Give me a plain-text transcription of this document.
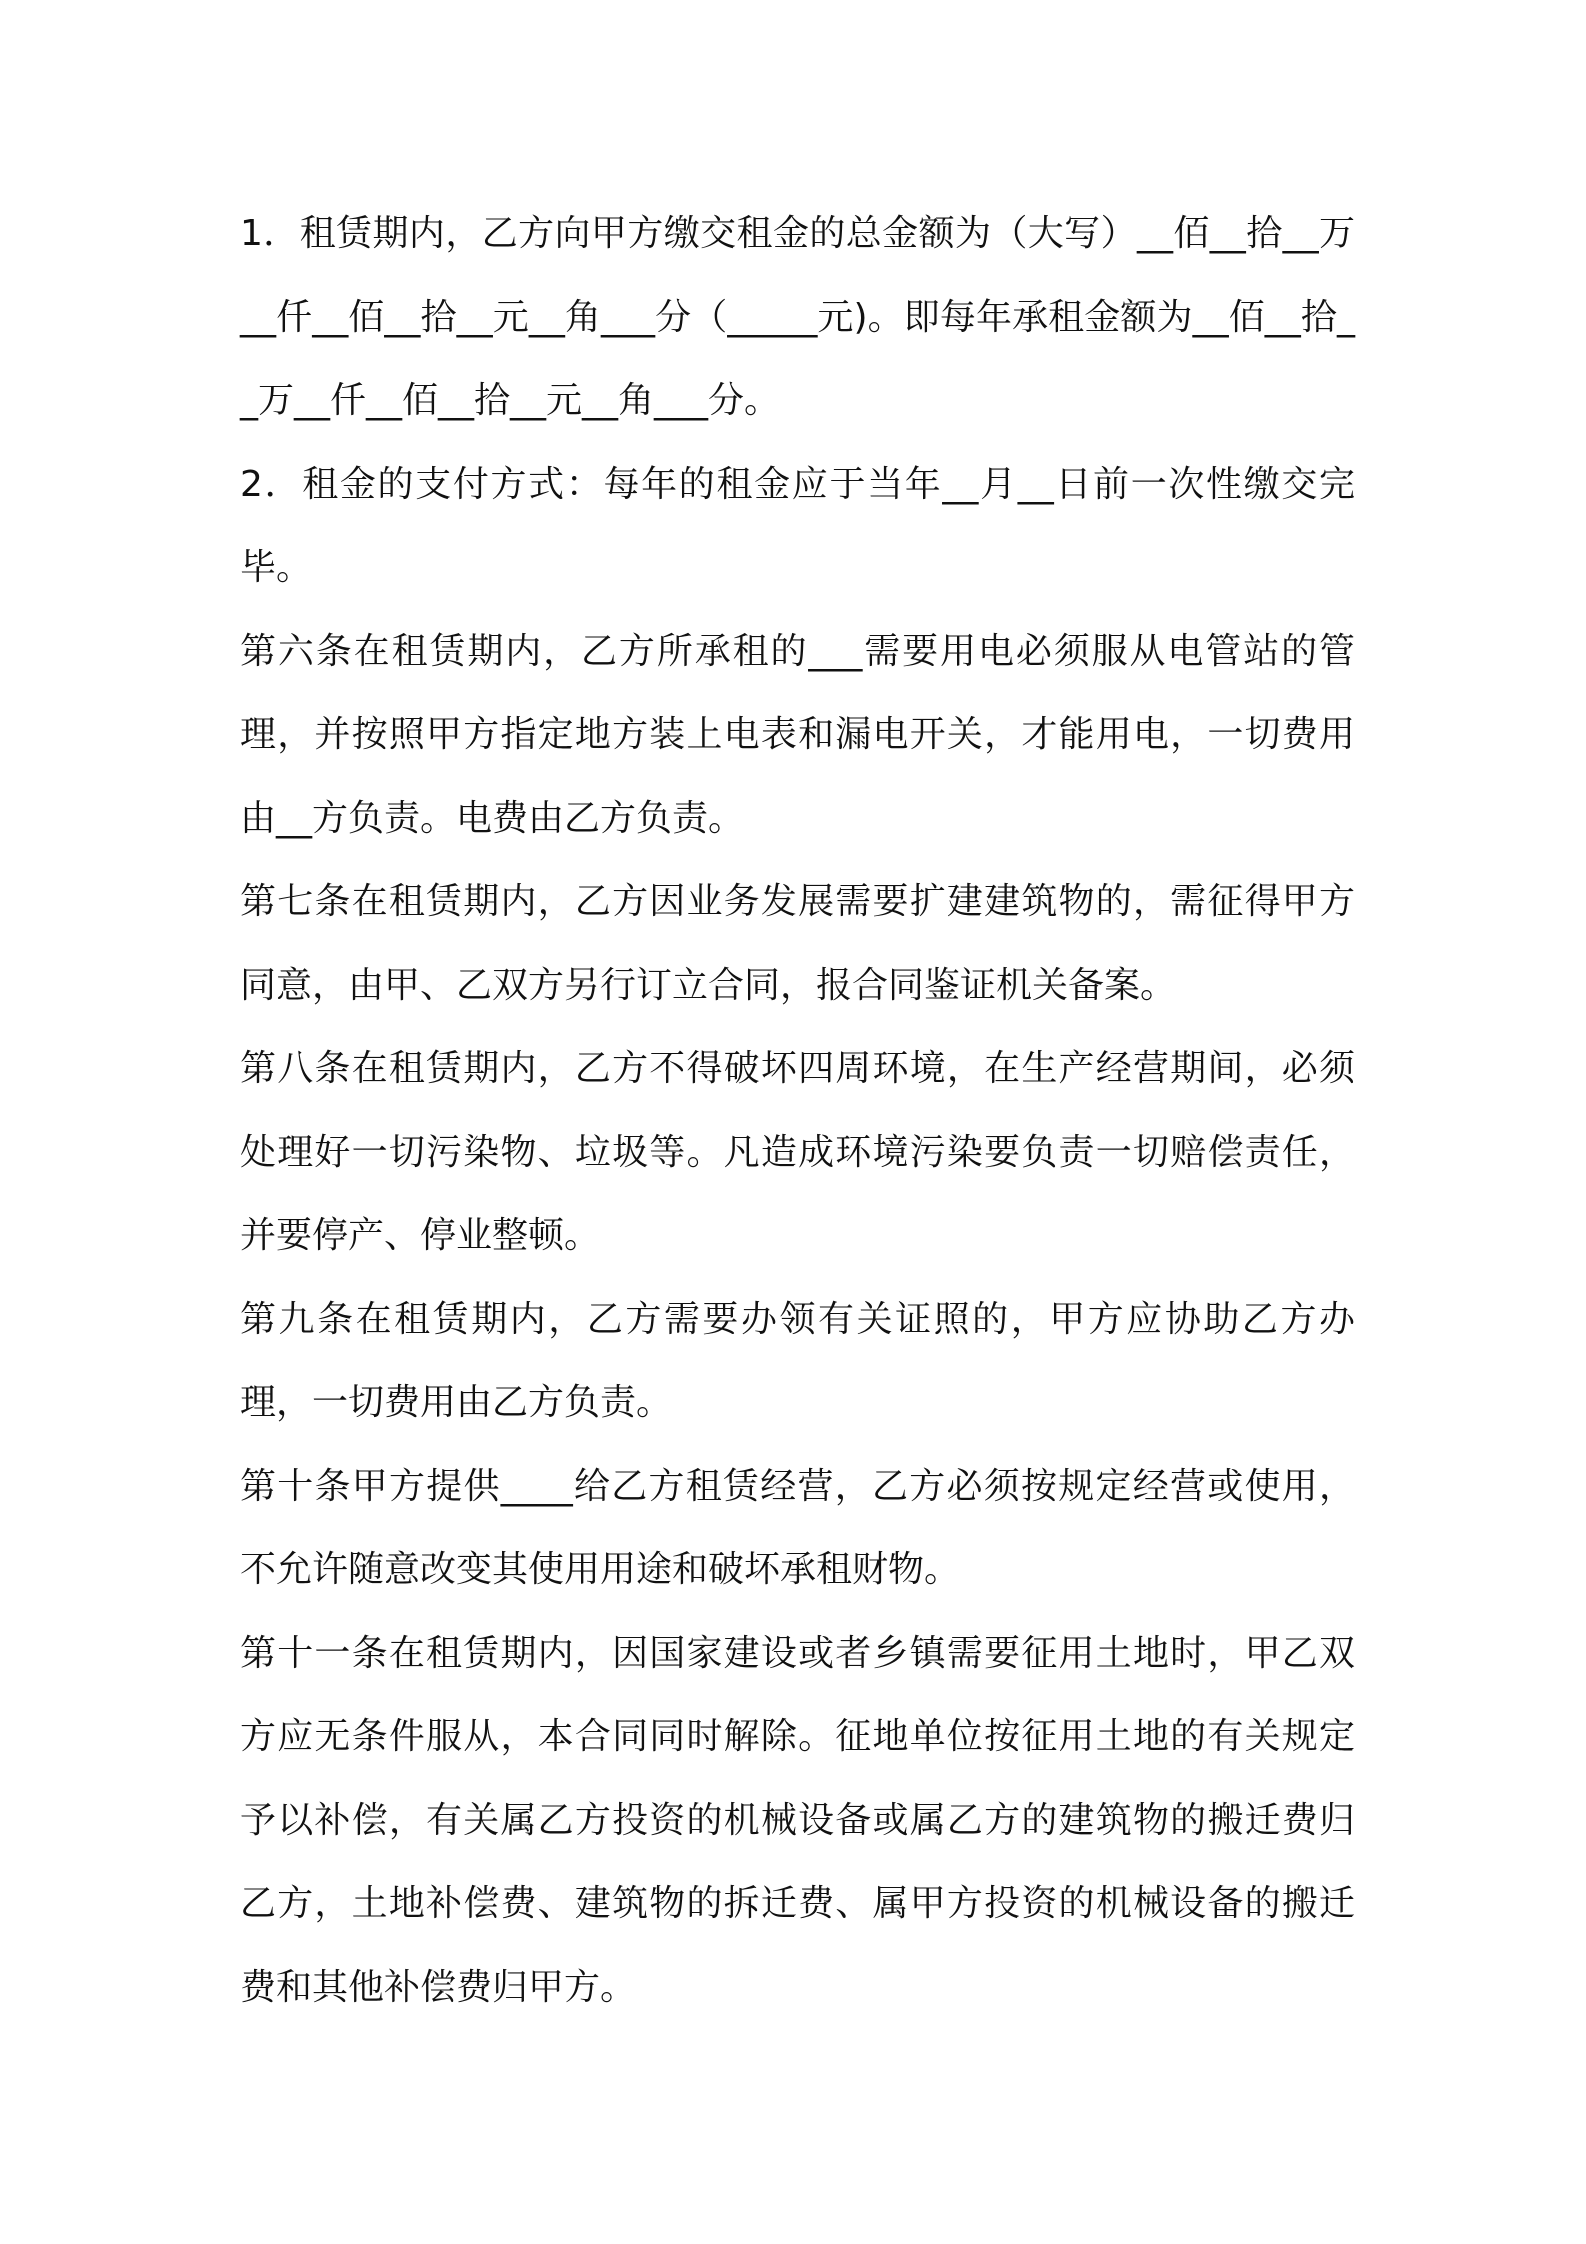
1．租赁期内，乙方向甲方缴交租金的总金额为（大写）__佰__拾__万__仟__佰__拾__元__角___分（_____元)。即每年承租金额为__佰__拾__万__仟__佰__拾__元__角___分。

2．租金的支付方式：每年的租金应于当年__月__日前一次性缴交完毕。

第六条在租赁期内，乙方所承租的___需要用电必须服从电管站的管理，并按照甲方指定地方装上电表和漏电开关，才能用电，一切费用由__方负责。电费由乙方负责。

第七条在租赁期内，乙方因业务发展需要扩建建筑物的，需征得甲方同意，由甲、乙双方另行订立合同，报合同鉴证机关备案。

第八条在租赁期内，乙方不得破坏四周环境，在生产经营期间，必须处理好一切污染物、垃圾等。凡造成环境污染要负责一切赔偿责任，并要停产、停业整顿。

第九条在租赁期内，乙方需要办领有关证照的，甲方应协助乙方办理，一切费用由乙方负责。

第十条甲方提供____给乙方租赁经营，乙方必须按规定经营或使用，不允许随意改变其使用用途和破坏承租财物。

第十一条在租赁期内，因国家建设或者乡镇需要征用土地时，甲乙双方应无条件服从，本合同同时解除。征地单位按征用土地的有关规定予以补偿，有关属乙方投资的机械设备或属乙方的建筑物的搬迁费归乙方，土地补偿费、建筑物的拆迁费、属甲方投资的机械设备的搬迁费和其他补偿费归甲方。
